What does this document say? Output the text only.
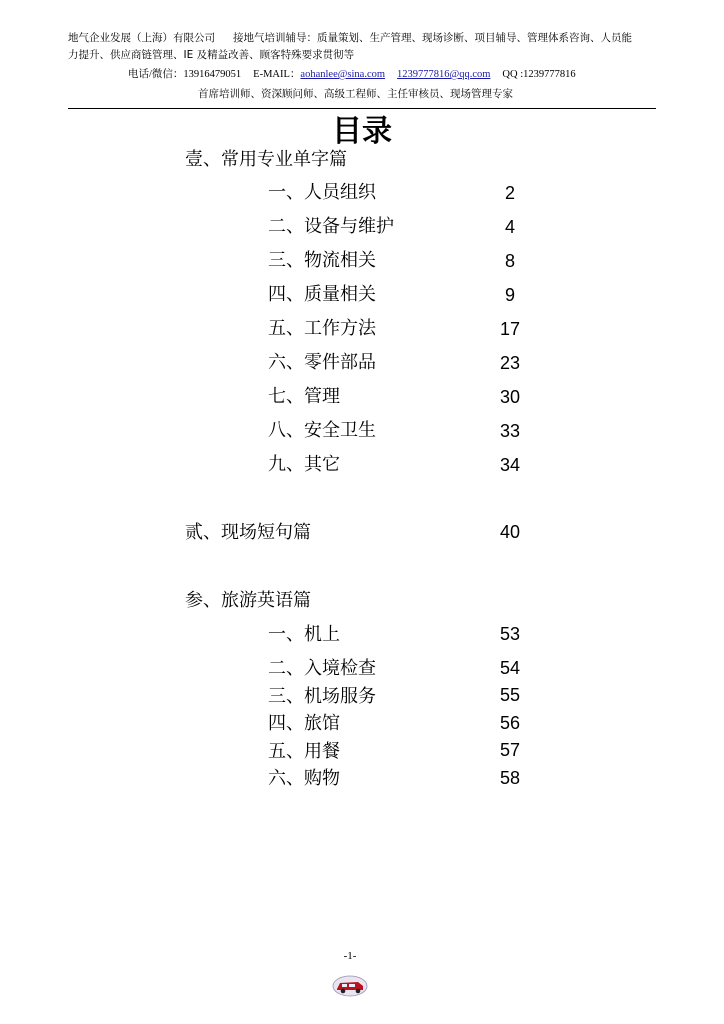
地气企业发展（上海）有限公司 接地气培训辅导：质量策划、生产管理、现场诊断、项目辅导、管理体系咨询、人员能
力提升、供应商链管理、IE 及精益改善、顾客特殊要求贯彻等
电话/微信：13916479051 E-MAIL：aohanlee@sina.com 1239777816@qq.com QQ :1239777816
首席培训师、资深顾问师、高级工程师、主任审核员、现场管理专家
目录
壹、常用专业单字篇
一、人员组织	2
二、设备与维护	4
三、物流相关	8
四、质量相关	9
五、工作方法	17
六、零件部品	23
七、管理	30
八、安全卫生	33
九、其它	34
贰、现场短句篇	40
参、旅游英语篇
一、机上	53
二、入境检查	54
三、机场服务	55
四、旅馆	56
五、用餐	57
六、购物	58
-1-
